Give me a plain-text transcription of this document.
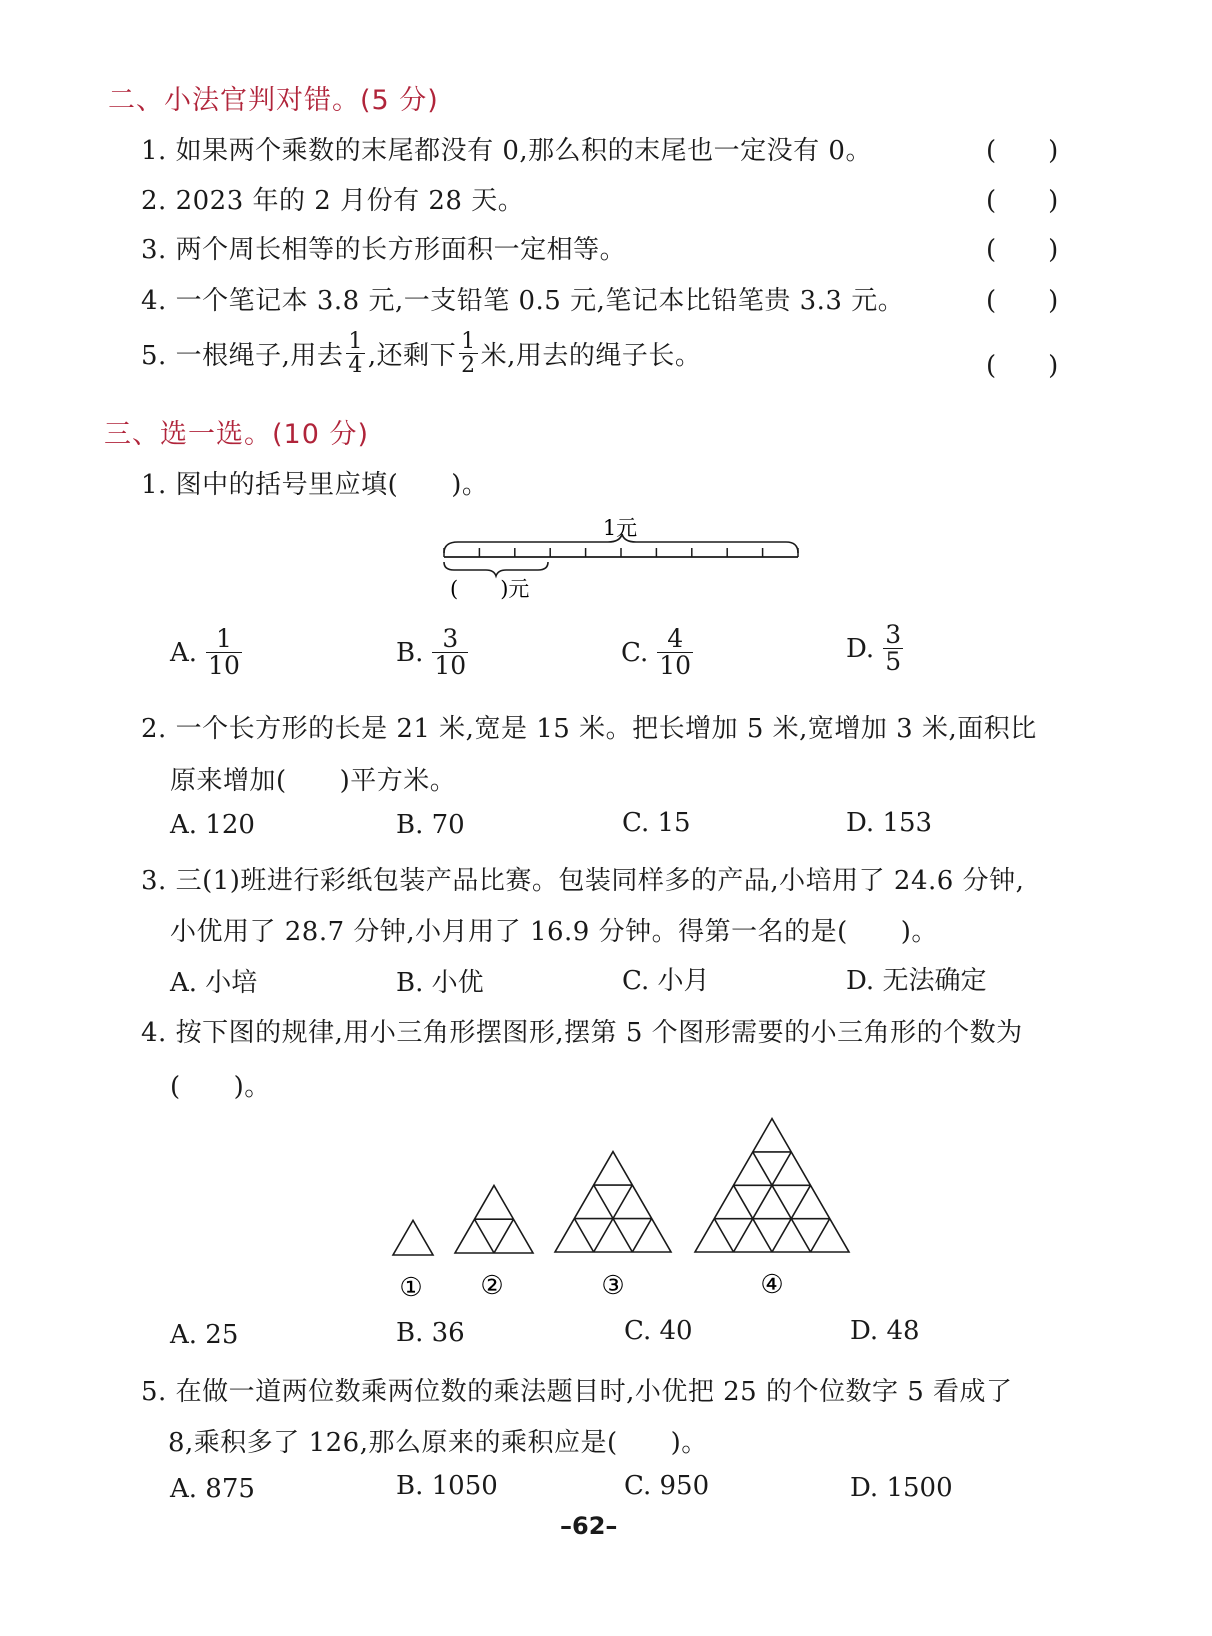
二、小法官判对错。(5 分)
1. 如果两个乘数的末尾都没有 0,那么积的末尾也一定没有 0。	(　　)
2. 2023 年的 2 月份有 28 天。	(　　)
3. 两个周长相等的长方形面积一定相等。	(　　)
4. 一个笔记本 3.8 元,一支铅笔 0.5 元,笔记本比铅笔贵 3.3 元。	(　　)
5. 一根绳子,用去 $\frac{1}{4}$ ,还剩下 $\frac{1}{2}$ 米,用去的绳子长。	(　　)
三、选一选。(10 分)
1. 图中的括号里应填(　　)。
1元
(　　)元
A. $\frac{1}{10}$	B. $\frac{3}{10}$	C. $\frac{4}{10}$	D. $\frac{3}{5}$
2. 一个长方形的长是 21 米,宽是 15 米。把长增加 5 米,宽增加 3 米,面积比
原来增加(　　)平方米。
A. 120	B. 70	C. 15	D. 153
3. 三(1)班进行彩纸包装产品比赛。包装同样多的产品,小培用了 24.6 分钟,
小优用了 28.7 分钟,小月用了 16.9 分钟。得第一名的是(　　)。
A. 小培	B. 小优	C. 小月	D. 无法确定
4. 按下图的规律,用小三角形摆图形,摆第 5 个图形需要的小三角形的个数为
(　　)。
① ②	③	④
A. 25	B. 36	C. 40	D. 48
5. 在做一道两位数乘两位数的乘法题目时,小优把 25 的个位数字 5 看成了
8,乘积多了 126,那么原来的乘积应是(　　)。
A. 875	B. 1050	C. 950	D. 1500
–62–
